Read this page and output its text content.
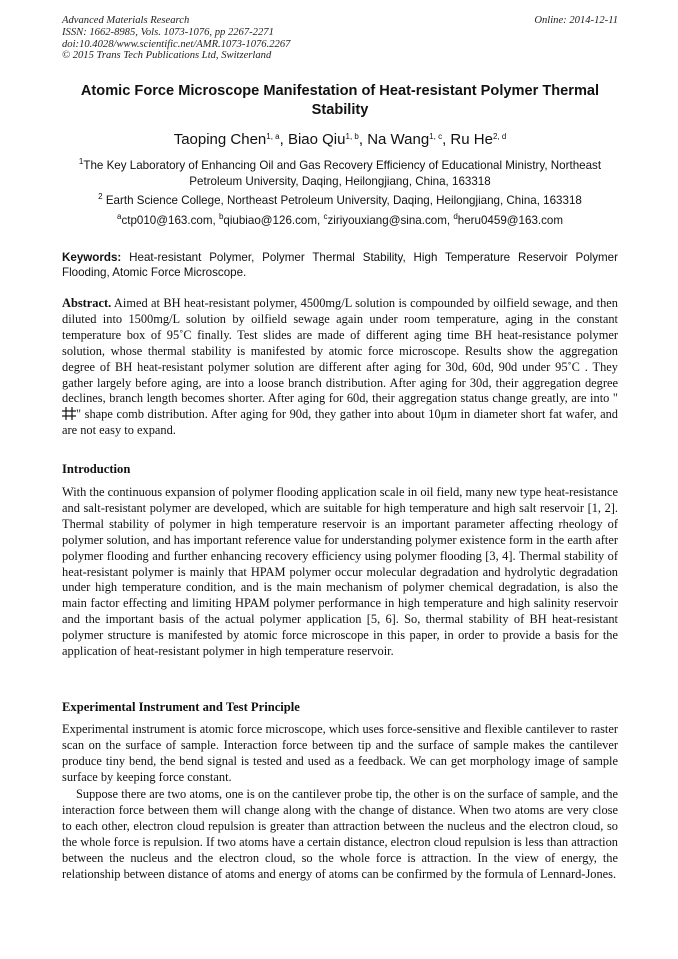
Advanced Materials Research
ISSN: 1662-8985, Vols. 1073-1076, pp 2267-2271
doi:10.4028/www.scientific.net/AMR.1073-1076.2267
© 2015 Trans Tech Publications Ltd, Switzerland
Online: 2014-12-11
Atomic Force Microscope Manifestation of Heat-resistant Polymer Thermal Stability
Taoping Chen$^{1, a}$, Biao Qiu$^{1, b}$, Na Wang$^{1, c}$, Ru He$^{2, d}$
$^1$The Key Laboratory of Enhancing Oil and Gas Recovery Efficiency of Educational Ministry, Northeast Petroleum University, Daqing, Heilongjiang, China, 163318
$^2$ Earth Science College, Northeast Petroleum University, Daqing, Heilongjiang, China, 163318
$^a$ctp010@163.com, $^b$qiubiao@126.com, $^c$ziriyouxiang@sina.com, $^d$heru0459@163.com
Keywords: Heat-resistant Polymer, Polymer Thermal Stability, High Temperature Reservoir Polymer Flooding, Atomic Force Microscope.
Abstract. Aimed at BH heat-resistant polymer, 4500mg/L solution is compounded by oilfield sewage, and then diluted into 1500mg/L solution by oilfield sewage again under room temperature, aging in the constant temperature box of 95˚C finally. Test slides are made of different aging time BH heat-resistance polymer solution, whose thermal stability is manifested by atomic force microscope. Results show the aggregation degree of BH heat-resistant polymer solution are different after aging for 30d, 60d, 90d under 95˚C . They gather largely before aging, are into a loose branch distribution. After aging for 30d, their aggregation degree declines, branch length becomes shorter. After aging for 60d, their aggregation status change greatly, are into "" shape comb distribution. After aging for 90d, they gather into about 10μm in diameter short fat wafer, and are not easy to expand.
Introduction
With the continuous expansion of polymer flooding application scale in oil field, many new type heat-resistance and salt-resistant polymer are developed, which are suitable for high temperature and high salt reservoir [1, 2]. Thermal stability of polymer in high temperature reservoir is an important parameter affecting rheology of polymer solution, and has important reference value for understanding polymer existence form in the earth after polymer flooding and further enhancing recovery efficiency using polymer flooding [3, 4]. Thermal stability of heat-resistant polymer is mainly that HPAM polymer occur molecular degradation and hydrolytic degradation under high temperature condition, and is the main mechanism of polymer chemical degradation, is also the main factor effecting and limiting HPAM polymer performance in high temperature and high salinity reservoir and the important basis of the actual polymer application [5, 6]. So, thermal stability of BH heat-resistant polymer structure is manifested by atomic force microscope in this paper, in order to provide a basis for the application of heat-resistant polymer in high temperature reservoir.
Experimental Instrument and Test Principle
Experimental instrument is atomic force microscope, which uses force-sensitive and flexible cantilever to raster scan on the surface of sample. Interaction force between tip and the surface of sample makes the cantilever produce tiny bend, the bend signal is tested and used as a feedback. We can get morphology image of sample surface by keeping force constant.
Suppose there are two atoms, one is on the cantilever probe tip, the other is on the surface of sample, and the interaction force between them will change along with the change of distance. When two atoms are very close to each other, electron cloud repulsion is greater than attraction between the nucleus and the electron cloud, so the whole force is repulsion. If two atoms have a certain distance, electron cloud repulsion is less than attraction between the nucleus and the electron cloud, so the whole force is attraction. In the view of energy, the relationship between distance of atoms and energy of atoms can be confirmed by the formula of Lennard-Jones.
